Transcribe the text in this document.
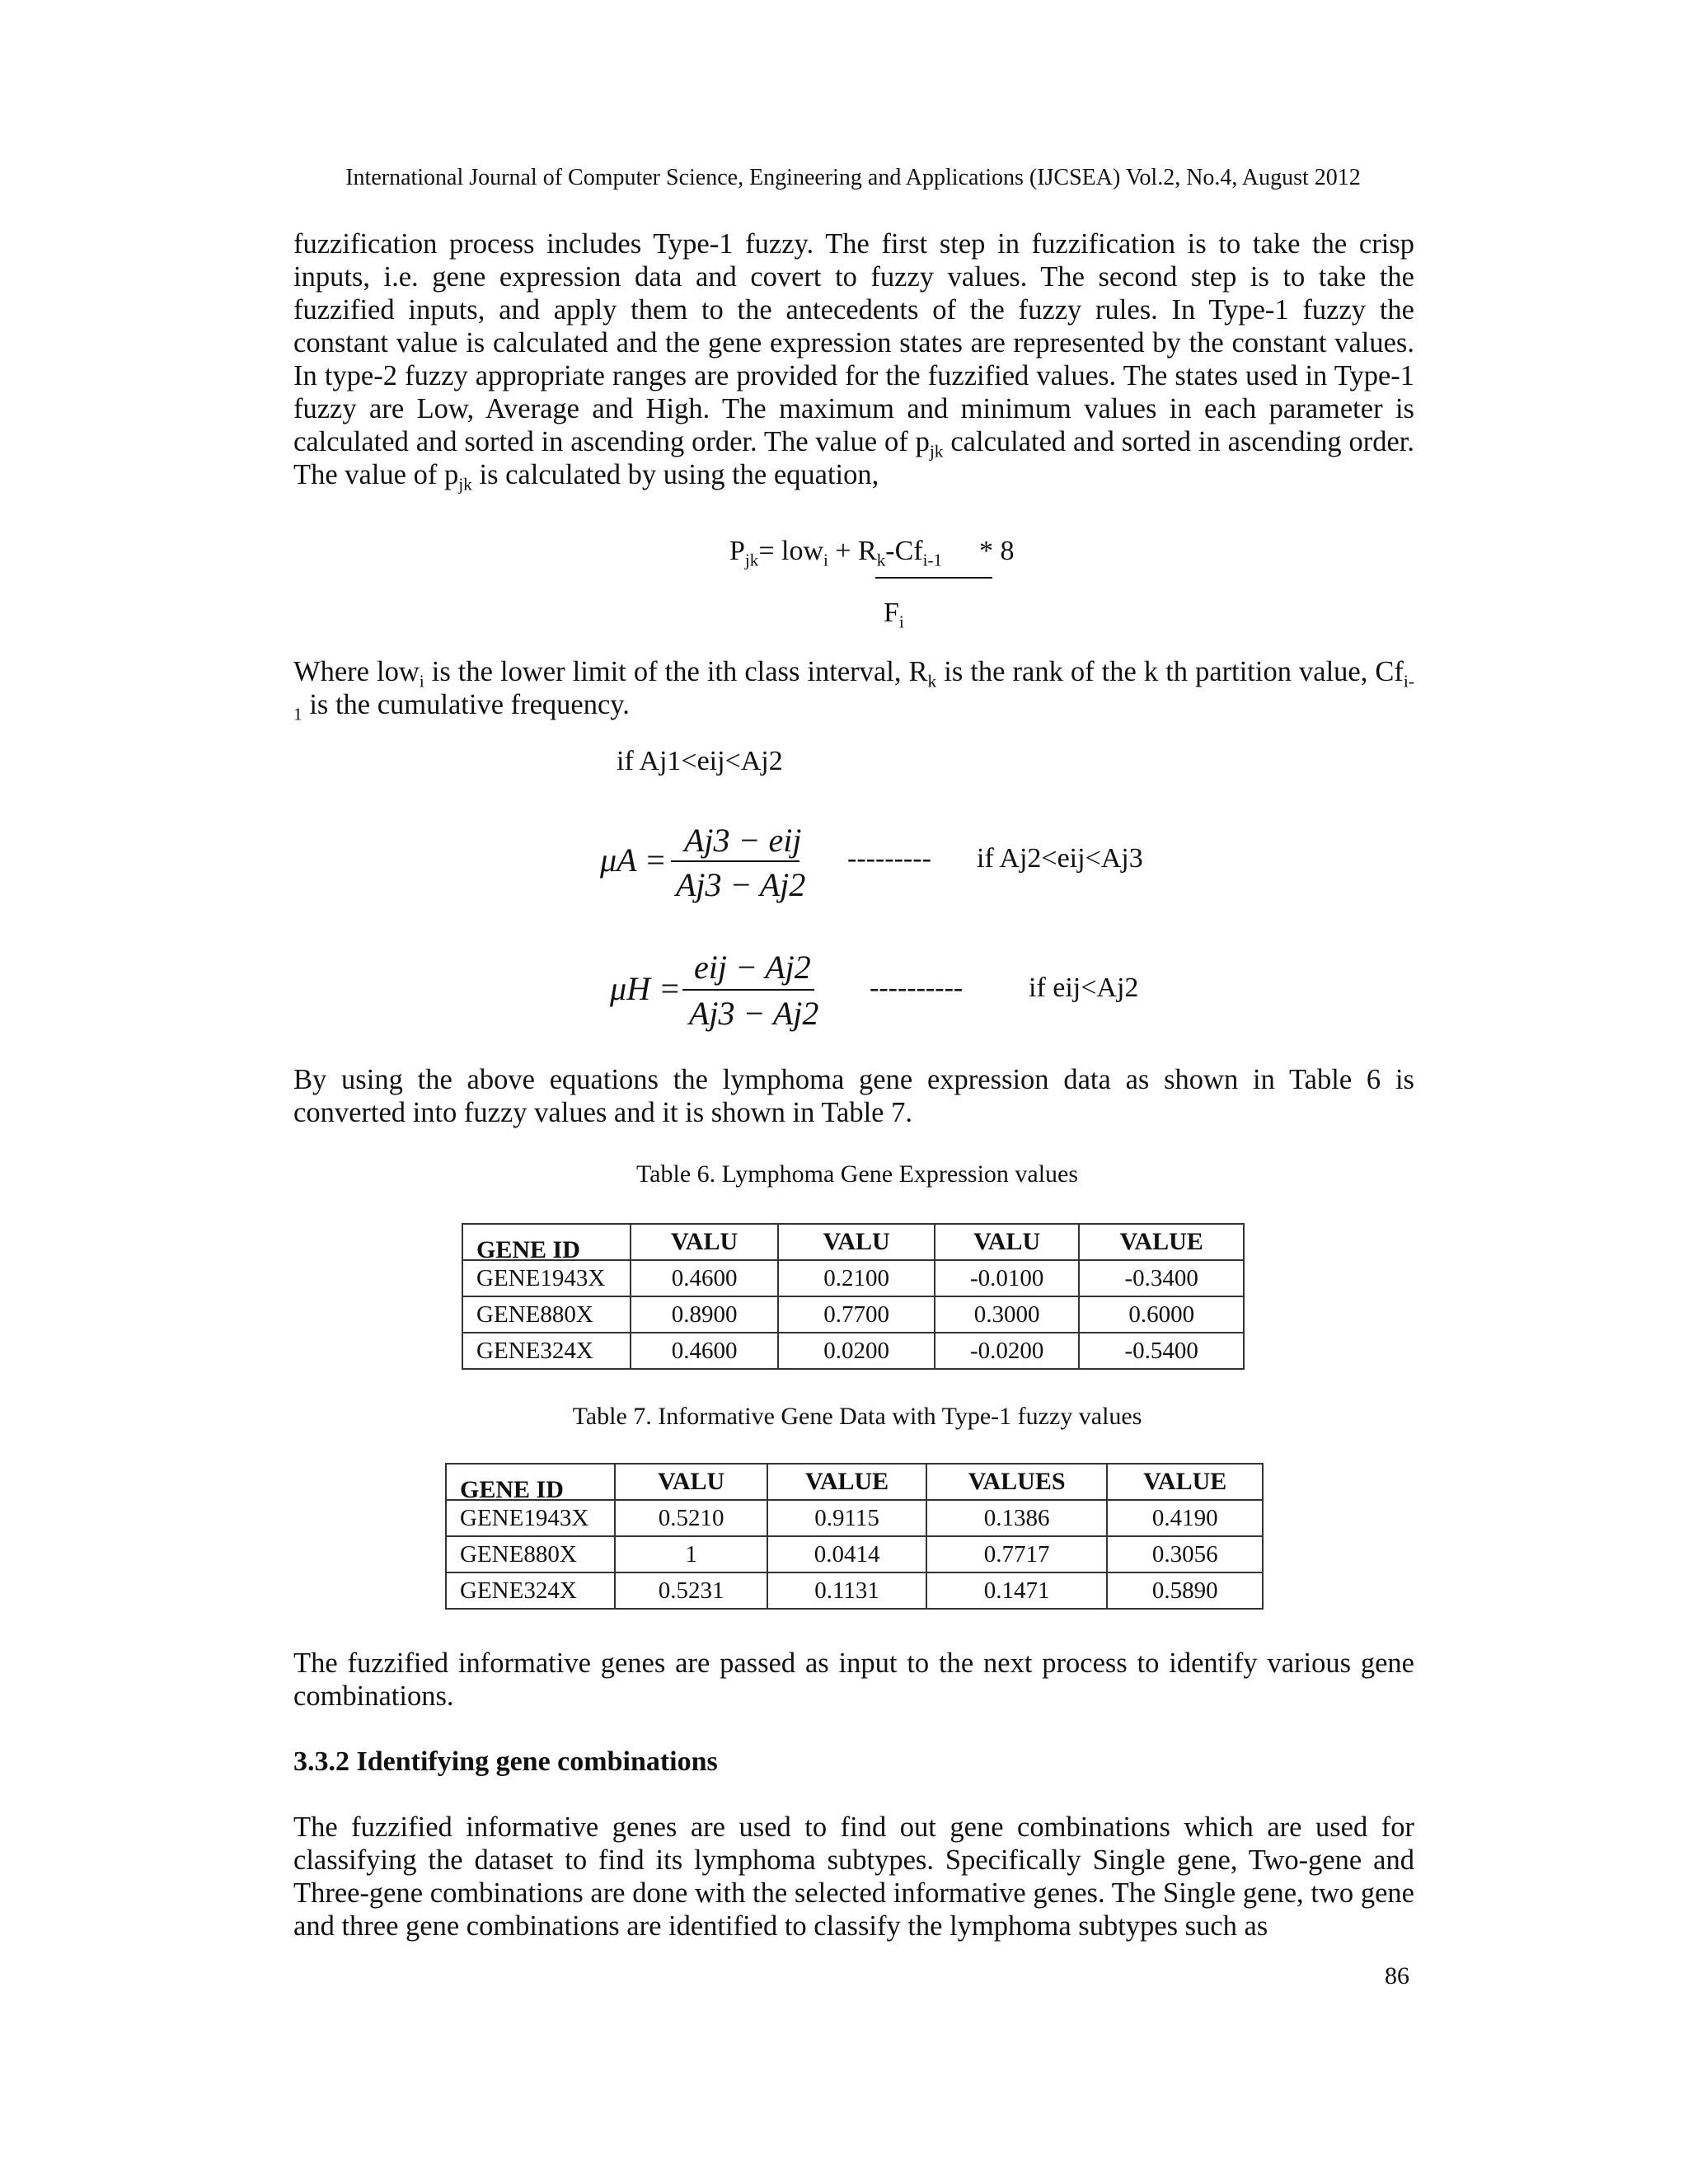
International Journal of Computer Science, Engineering and Applications (IJCSEA) Vol.2, No.4, August 2012
fuzzification process includes Type-1 fuzzy. The first step in fuzzification is to take the crisp inputs, i.e. gene expression data and covert to fuzzy values. The second step is to take the fuzzified inputs, and apply them to the antecedents of the fuzzy rules. In Type-1 fuzzy the constant value is calculated and the gene expression states are represented by the constant values. In type-2 fuzzy appropriate ranges are provided for the fuzzified values. The states used in Type-1 fuzzy are Low, Average and High. The maximum and minimum values in each parameter is calculated and sorted in ascending order. The value of $p_{jk}$ calculated and sorted in ascending order. The value of $p_{jk}$ is calculated by using the equation,
$P_{jk}= low_i + R_k-Cf_{i-1} * 8$
$F_i$
Where low$_i$ is the lower limit of the ith class interval, $R_k$ is the rank of the k th partition value, $Cf_{i-1}$ is the cumulative frequency.
if Aj1<eij<Aj2
μA =
Aj3 − eij
Aj3 − Aj2
--------- if Aj2<eij<Aj3
μH =
eij − Aj2
Aj3 − Aj2
---------- if eij<Aj2
By using the above equations the lymphoma gene expression data as shown in Table 6 is converted into fuzzy values and it is shown in Table 7.
Table 6. Lymphoma Gene Expression values
GENE ID	VALU	VALU	VALU	VALUE
GENE1943X	0.4600	0.2100	-0.0100	-0.3400
GENE880X	0.8900	0.7700	0.3000	0.6000
GENE324X	0.4600	0.0200	-0.0200	-0.5400
Table 7. Informative Gene Data with Type-1 fuzzy values
GENE ID	VALU	VALUE	VALUES	VALUE
GENE1943X	0.5210	0.9115	0.1386	0.4190
GENE880X	1	0.0414	0.7717	0.3056
GENE324X	0.5231	0.1131	0.1471	0.5890
The fuzzified informative genes are passed as input to the next process to identify various gene combinations.
3.3.2 Identifying gene combinations
The fuzzified informative genes are used to find out gene combinations which are used for classifying the dataset to find its lymphoma subtypes. Specifically Single gene, Two-gene and Three-gene combinations are done with the selected informative genes. The Single gene, two gene and three gene combinations are identified to classify the lymphoma subtypes such as
86
